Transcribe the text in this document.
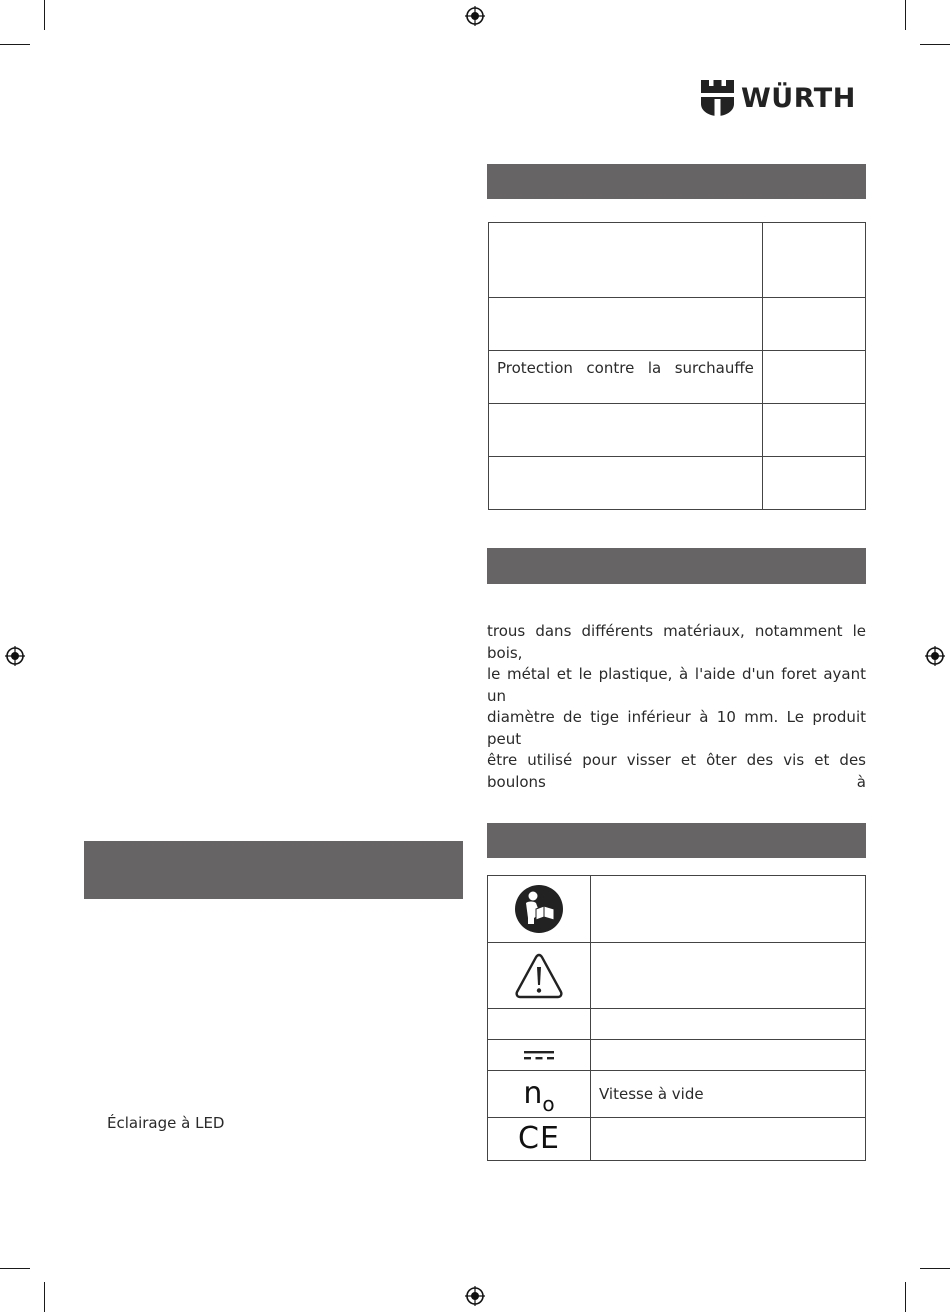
WÜRTH

Protection  contre  la  surchauffe	

trous dans différents matériaux, notamment le bois,

le métal et le plastique, à l'aide d'un foret ayant un

diamètre de tige inférieur à 10 mm. Le produit peut

être utilisé pour visser et ôter des vis et des boulons à

Éclairage à LED

no	Vitesse à vide
CE	
